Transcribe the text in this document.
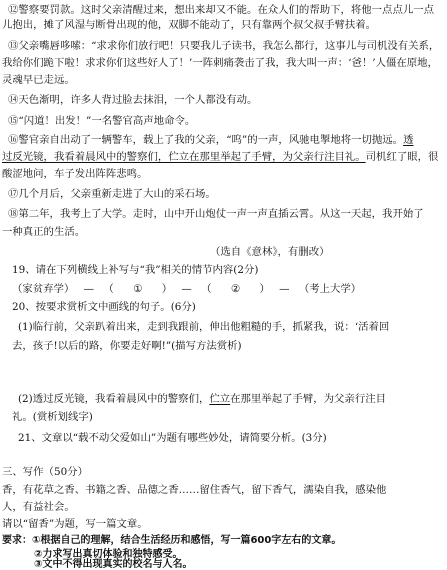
⑫警察要罚款。这时父亲清醒过来，想出来却又不能。在众人们的帮助下，将他一点点儿一点
儿抱出，摊了风湿与断骨出现的他，双脚不能动了，只有靠两个叔父叔手臂扶着。
⑬父亲嘴唇哆嗦：“求求你们放行吧！只要我儿子读书，我怎么都行，这事儿与司机没有关系，
我给你们跪下啦！求求你们这些好人了！’一阵刺痛袭击了我，我大叫一声：‘爸！’人僵在原地，
灵魂早已走远。
⑭天色渐明，许多人背过脸去抹泪，一个人都没有动。
⑮“闪道！出发！”一名警官高声地命令。
⑯警官亲自出动了一辆警车，载上了我的父亲，“呜”的一声，风驰电掣地将一切抛远。透
过反光镜，我看着晨风中的警察们，伫立在那里举起了手臂，为父亲行注目礼。司机红了眼，很
酸涩地问，车子发出阵阵悲鸣。
⑰几个月后，父亲重新走进了大山的采石场。
⑱第二年，我考上了大学。走时，山中开山炮仗一声一声直插云霄。从这一天起，我开始了
一种真正的生活。
（选自《意林》，有删改）
19、请在下列横线上补写与“我”相关的情节内容(2分)
（家贫弃学） — （ ① ） — （ ② ） — （考上大学）
20、按要求赏析文中画线的句子。(6分)
(1)临行前，父亲趴着出来，走到我跟前，伸出他粗糙的手，抓紧我，说：‘活着回
去，孩子!以后的路，你要走好啊!”(描写方法赏析)
(2)透过反光镜，我看着晨风中的警察们，伫立在那里举起了手臂，为父亲行注目
礼。(赏析划线字)
21、文章以“载不动父爱如山”为题有哪些妙处，请简要分析。(3分)
三、写作（50分）
香，有花草之香、书籍之香、品德之香……留住香气，留下香气，濡染自我，感染他
人，有益社会。
请以“留香”为题，写一篇文章。
要求：①根据自己的理解，结合生活经历和感悟，写一篇600字左右的文章。
②力求写出真切体验和独特感受。
③文中不得出现真实的校名与人名。
